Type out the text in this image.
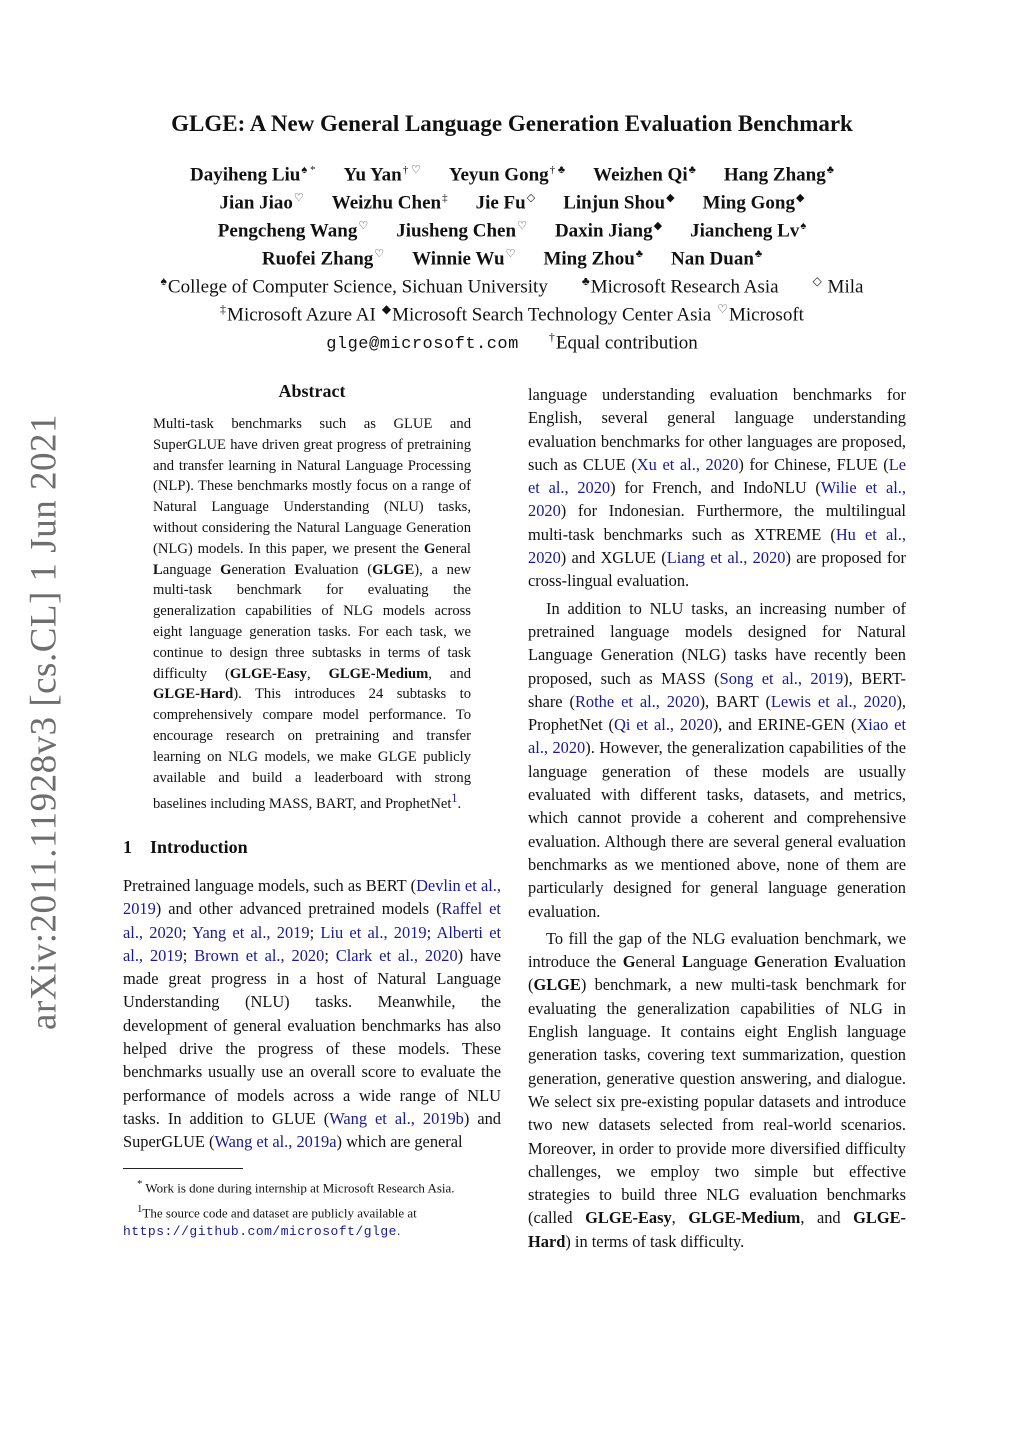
arXiv:2011.11928v3 [cs.CL] 1 Jun 2021
GLGE: A New General Language Generation Evaluation Benchmark
Dayiheng Liu♠ * Yu Yan† ♡ Yeyun Gong† ♣ Weizhen Qi♣ Hang Zhang♣
Jian Jiao♡ Weizhu Chen‡ Jie Fu◇ Linjun Shou◆ Ming Gong◆
Pengcheng Wang♡ Jiusheng Chen♡ Daxin Jiang◆ Jiancheng Lv♠
Ruofei Zhang♡ Winnie Wu♡ Ming Zhou♣ Nan Duan♣
♠College of Computer Science, Sichuan University	♣Microsoft Research Asia	◇ Mila
‡Microsoft Azure AI ◆Microsoft Search Technology Center Asia ♡Microsoft
glge@microsoft.com	†Equal contribution
Abstract

Multi-task benchmarks such as GLUE and SuperGLUE have driven great progress of pretraining and transfer learning in Natural Language Processing (NLP). These benchmarks mostly focus on a range of Natural Language Understanding (NLU) tasks, without considering the Natural Language Generation (NLG) models. In this paper, we present the General Language Generation Evaluation (GLGE), a new multi-task benchmark for evaluating the generalization capabilities of NLG models across eight language generation tasks. For each task, we continue to design three subtasks in terms of task difficulty (GLGE-Easy, GLGE-Medium, and GLGE-Hard). This introduces 24 subtasks to comprehensively compare model performance. To encourage research on pretraining and transfer learning on NLG models, we make GLGE publicly available and build a leaderboard with strong baselines including MASS, BART, and ProphetNet$^1$.

1 Introduction

Pretrained language models, such as BERT (Devlin et al., 2019) and other advanced pretrained models (Raffel et al., 2020; Yang et al., 2019; Liu et al., 2019; Alberti et al., 2019; Brown et al., 2020; Clark et al., 2020) have made great progress in a host of Natural Language Understanding (NLU) tasks. Meanwhile, the development of general evaluation benchmarks has also helped drive the progress of these models. These benchmarks usually use an overall score to evaluate the performance of models across a wide range of NLU tasks. In addition to GLUE (Wang et al., 2019b) and SuperGLUE (Wang et al., 2019a) which are general

* Work is done during internship at Microsoft Research Asia.

$^1$The source code and dataset are publicly available at https://github.com/microsoft/glge.

language understanding evaluation benchmarks for English, several general language understanding evaluation benchmarks for other languages are proposed, such as CLUE (Xu et al., 2020) for Chinese, FLUE (Le et al., 2020) for French, and IndoNLU (Wilie et al., 2020) for Indonesian. Furthermore, the multilingual multi-task benchmarks such as XTREME (Hu et al., 2020) and XGLUE (Liang et al., 2020) are proposed for cross-lingual evaluation.

In addition to NLU tasks, an increasing number of pretrained language models designed for Natural Language Generation (NLG) tasks have recently been proposed, such as MASS (Song et al., 2019), BERT-share (Rothe et al., 2020), BART (Lewis et al., 2020), ProphetNet (Qi et al., 2020), and ERINE-GEN (Xiao et al., 2020). However, the generalization capabilities of the language generation of these models are usually evaluated with different tasks, datasets, and metrics, which cannot provide a coherent and comprehensive evaluation. Although there are several general evaluation benchmarks as we mentioned above, none of them are particularly designed for general language generation evaluation.

To fill the gap of the NLG evaluation benchmark, we introduce the General Language Generation Evaluation (GLGE) benchmark, a new multi-task benchmark for evaluating the generalization capabilities of NLG in English language. It contains eight English language generation tasks, covering text summarization, question generation, generative question answering, and dialogue. We select six pre-existing popular datasets and introduce two new datasets selected from real-world scenarios. Moreover, in order to provide more diversified difficulty challenges, we employ two simple but effective strategies to build three NLG evaluation benchmarks (called GLGE-Easy, GLGE-Medium, and GLGE-Hard) in terms of task difficulty.
